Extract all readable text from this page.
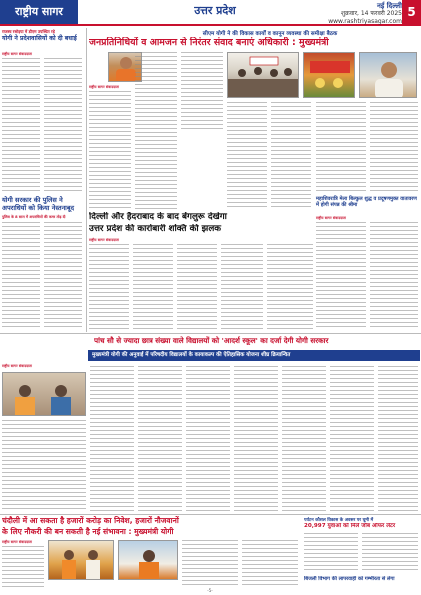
राष्ट्रीय सागर	उत्तर प्रदेश	नई दिल्ली
शुक्रवार, 14 फरवरी 2025
www.rashtriyasagar.com
5
राजस्व रसोइया में डीएम उपस्थित रहे
योगी ने प्रदेशवासियों को दी बधाई
राष्ट्रीय सागर संवाददाता
योगी सरकार की पुलिस ने अपराधियों को किया नेस्तनाबूद
पुलिस के 8 साल में अपराधियों की कमर तोड़ दी
सीएम योगी ने की विकास कार्यों व कानून व्यवस्था की समीक्षा बैठक
जनप्रतिनिधियों व आमजन से निरंतर संवाद बनाएं अधिकारी : मुख्यमंत्री
राष्ट्रीय सागर संवाददाता
महाशिवरात्रि मेला बिल्कुल शुद्ध व प्रदूषणमुक्त वातावरण में होगी संपन्न की श्रीमा
राष्ट्रीय सागर संवाददाता
दिल्ली और हैदराबाद के बाद बेंगलुरू देखेगा
उत्तर प्रदेश की कारोबारी शक्ति की झलक
राष्ट्रीय सागर संवाददाता
पांच सौ से ज्यादा छात्र संख्या वाले विद्यालयों को 'आदर्श स्कूल' का दर्जा देगी योगी सरकार
मुख्यमंत्री योगी की अनुवाई में परिषदीय विद्यालयों के कायाकल्प की ऐतिहासिक योजना शीघ्र क्रियान्वित
राष्ट्रीय सागर संवाददाता
चंदौली में आ सकता है हजारों करोड़ का निवेश, हजारों नौजवानों
के लिए नौकरी की बन सकती है नई संभावना : मुख्यमंत्री योगी
राष्ट्रीय सागर संवाददाता
पर्यटन कौशल विकास के अवसर पर घूमी में
20,997 युवाओं को मिले जॉब ऑफर लेटर
बिजली विभाग की लापरवाही को गम्भीरता से लेगा
-5-
